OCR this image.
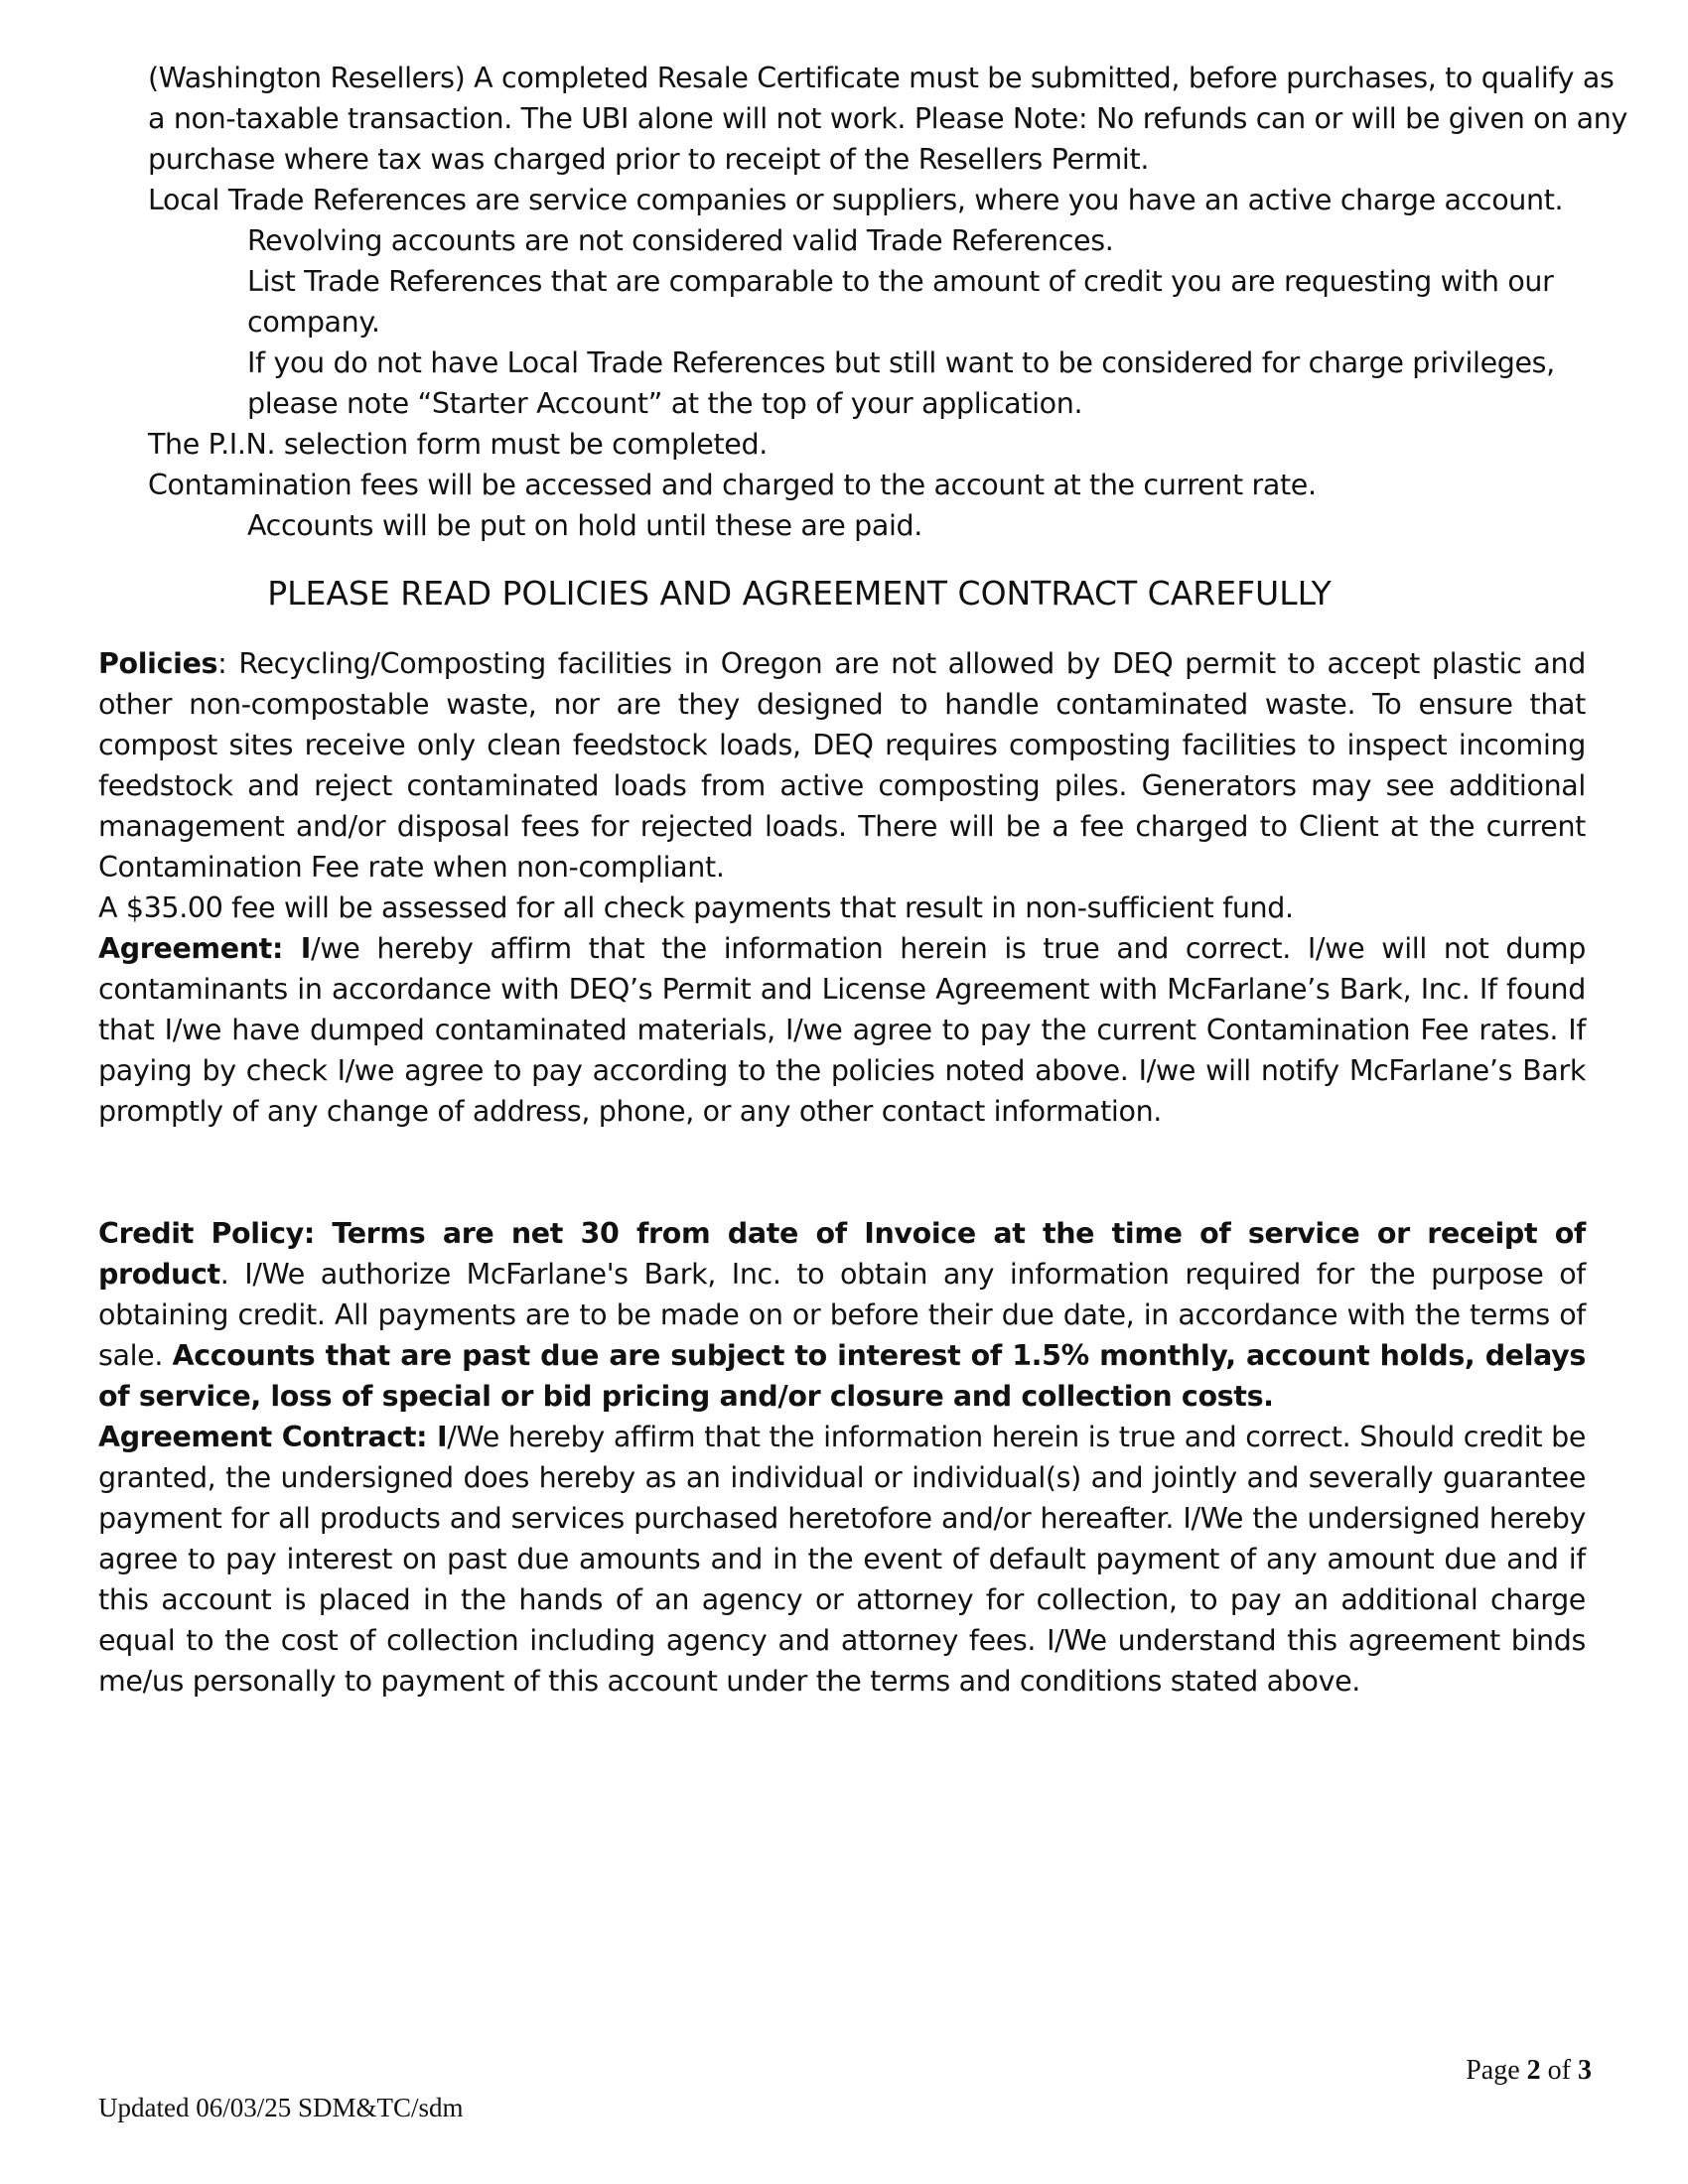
(Washington Resellers) A completed Resale Certificate must be submitted, before purchases, to qualify as
a non-taxable transaction. The UBI alone will not work. Please Note: No refunds can or will be given on any
purchase where tax was charged prior to receipt of the Resellers Permit.
Local Trade References are service companies or suppliers, where you have an active charge account.
Revolving accounts are not considered valid Trade References.
List Trade References that are comparable to the amount of credit you are requesting with our
company.
If you do not have Local Trade References but still want to be considered for charge privileges,
please note “Starter Account” at the top of your application.
The P.I.N. selection form must be completed.
Contamination fees will be accessed and charged to the account at the current rate.
Accounts will be put on hold until these are paid.
PLEASE READ POLICIES AND AGREEMENT CONTRACT CAREFULLY
Policies: Recycling/Composting facilities in Oregon are not allowed by DEQ permit to accept plastic and other non-compostable waste, nor are they designed to handle contaminated waste. To ensure that compost sites receive only clean feedstock loads, DEQ requires composting facilities to inspect incoming feedstock and reject contaminated loads from active composting piles. Generators may see additional management and/or disposal fees for rejected loads. There will be a fee charged to Client at the current Contamination Fee rate when non-compliant.
A $35.00 fee will be assessed for all check payments that result in non-sufficient fund.
Agreement: I/we hereby affirm that the information herein is true and correct. I/we will not dump contaminants in accordance with DEQ’s Permit and License Agreement with McFarlane’s Bark, Inc. If found that I/we have dumped contaminated materials, I/we agree to pay the current Contamination Fee rates. If paying by check I/we agree to pay according to the policies noted above. I/we will notify McFarlane’s Bark promptly of any change of address, phone, or any other contact information.
Credit Policy: Terms are net 30 from date of Invoice at the time of service or receipt of product. I/We authorize McFarlane's Bark, Inc. to obtain any information required for the purpose of obtaining credit. All payments are to be made on or before their due date, in accordance with the terms of sale. Accounts that are past due are subject to interest of 1.5% monthly, account holds, delays of service, loss of special or bid pricing and/or closure and collection costs.
Agreement Contract: I/We hereby affirm that the information herein is true and correct. Should credit be granted, the undersigned does hereby as an individual or individual(s) and jointly and severally guarantee payment for all products and services purchased heretofore and/or hereafter. I/We the undersigned hereby agree to pay interest on past due amounts and in the event of default payment of any amount due and if this account is placed in the hands of an agency or attorney for collection, to pay an additional charge equal to the cost of collection including agency and attorney fees. I/We understand this agreement binds me/us personally to payment of this account under the terms and conditions stated above.
Page 2 of 3
Updated 06/03/25 SDM&TC/sdm
